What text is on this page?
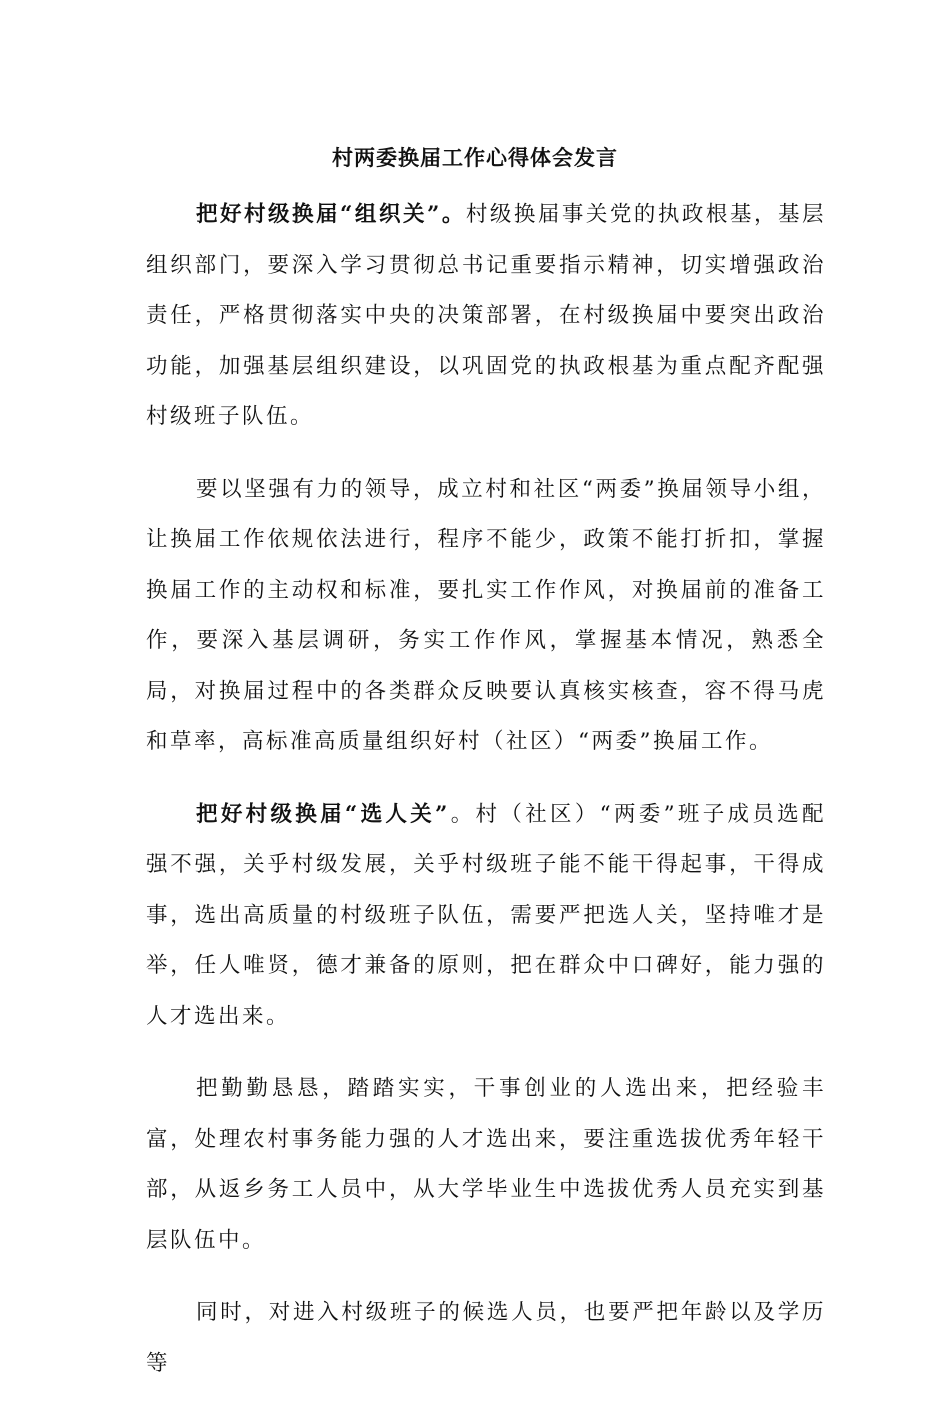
村两委换届工作心得体会发言

把好村级换届“组织关”。村级换届事关党的执政根基，基层组织部门，要深入学习贯彻总书记重要指示精神，切实增强政治责任，严格贯彻落实中央的决策部署，在村级换届中要突出政治功能，加强基层组织建设，以巩固党的执政根基为重点配齐配强村级班子队伍。

要以坚强有力的领导，成立村和社区“两委”换届领导小组，让换届工作依规依法进行，程序不能少，政策不能打折扣，掌握换届工作的主动权和标准，要扎实工作作风，对换届前的准备工作，要深入基层调研，务实工作作风，掌握基本情况，熟悉全局，对换届过程中的各类群众反映要认真核实核查，容不得马虎和草率，高标准高质量组织好村（社区）“两委”换届工作。

把好村级换届“选人关”。村（社区）“两委”班子成员选配强不强，关乎村级发展，关乎村级班子能不能干得起事，干得成事，选出高质量的村级班子队伍，需要严把选人关，坚持唯才是举，任人唯贤，德才兼备的原则，把在群众中口碑好，能力强的人才选出来。

把勤勤恳恳，踏踏实实，干事创业的人选出来，把经验丰富，处理农村事务能力强的人才选出来，要注重选拔优秀年轻干部，从返乡务工人员中，从大学毕业生中选拔优秀人员充实到基层队伍中。

同时，对进入村级班子的候选人员，也要严把年龄以及学历等
